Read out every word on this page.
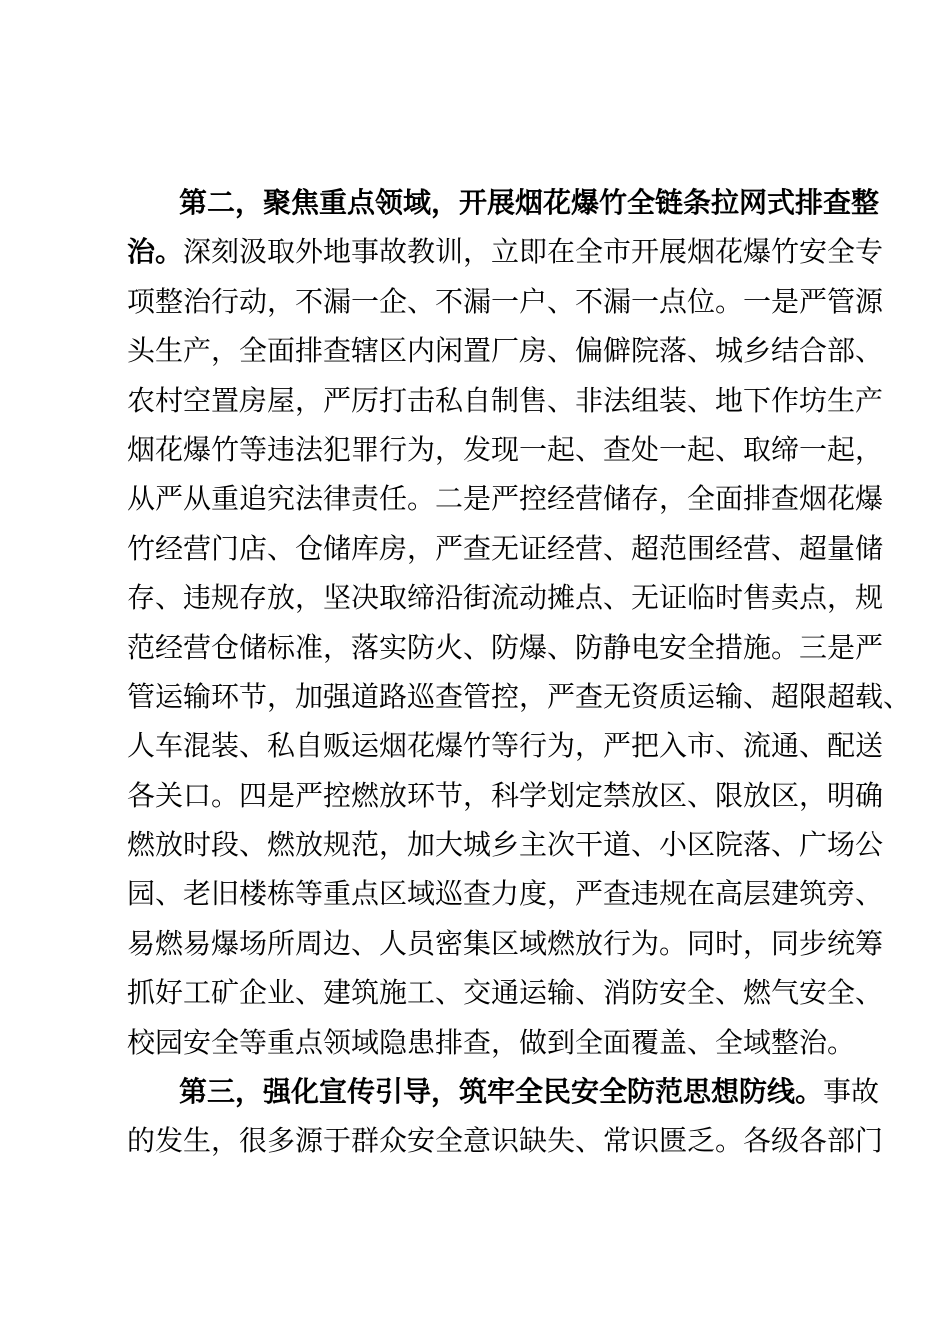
第二，聚焦重点领域，开展烟花爆竹全链条拉网式排查整
治。深刻汲取外地事故教训，立即在全市开展烟花爆竹安全专
项整治行动，不漏一企、不漏一户、不漏一点位。一是严管源
头生产，全面排查辖区内闲置厂房、偏僻院落、城乡结合部、
农村空置房屋，严厉打击私自制售、非法组装、地下作坊生产
烟花爆竹等违法犯罪行为，发现一起、查处一起、取缔一起，
从严从重追究法律责任。二是严控经营储存，全面排查烟花爆
竹经营门店、仓储库房，严查无证经营、超范围经营、超量储
存、违规存放，坚决取缔沿街流动摊点、无证临时售卖点，规
范经营仓储标准，落实防火、防爆、防静电安全措施。三是严
管运输环节，加强道路巡查管控，严查无资质运输、超限超载、
人车混装、私自贩运烟花爆竹等行为，严把入市、流通、配送
各关口。四是严控燃放环节，科学划定禁放区、限放区，明确
燃放时段、燃放规范，加大城乡主次干道、小区院落、广场公
园、老旧楼栋等重点区域巡查力度，严查违规在高层建筑旁、
易燃易爆场所周边、人员密集区域燃放行为。同时，同步统筹
抓好工矿企业、建筑施工、交通运输、消防安全、燃气安全、
校园安全等重点领域隐患排查，做到全面覆盖、全域整治。
第三，强化宣传引导，筑牢全民安全防范思想防线。事故
的发生，很多源于群众安全意识缺失、常识匮乏。各级各部门
